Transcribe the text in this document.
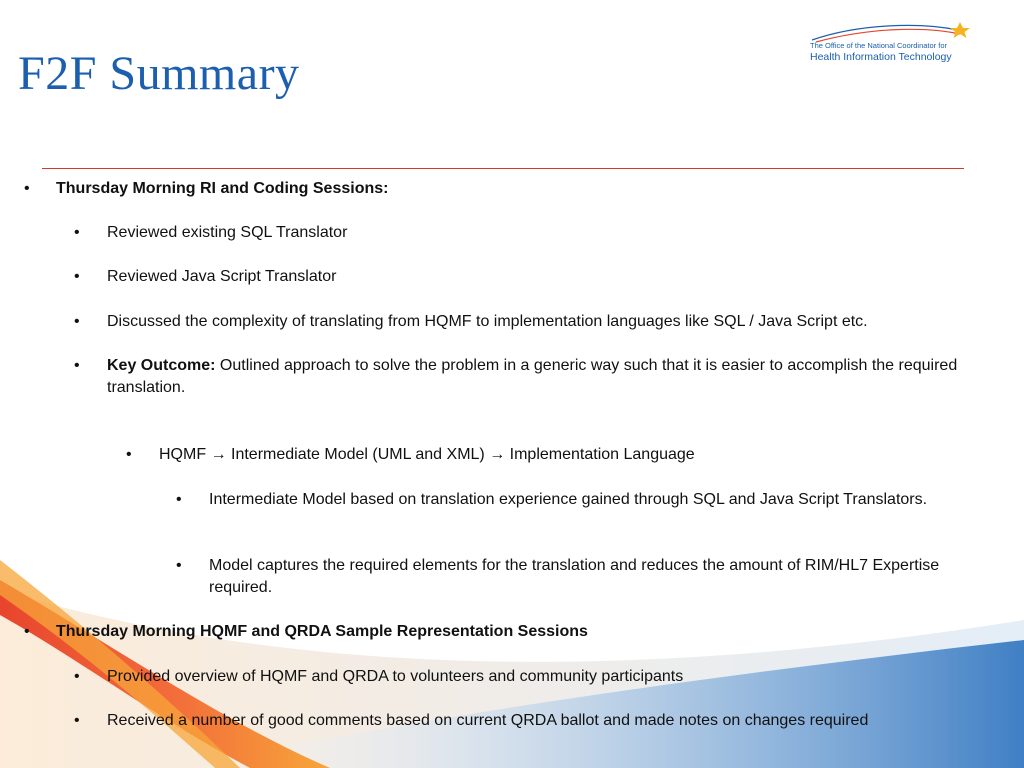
F2F Summary
The Office of the National Coordinator for
Health Information Technology
• Thursday Morning RI and Coding Sessions:
• Reviewed existing SQL Translator
• Reviewed Java Script Translator
• Discussed the complexity of translating from HQMF to implementation languages like SQL / Java Script etc.
• Key Outcome: Outlined approach to solve the problem in a generic way such that it is easier to accomplish the required translation.
• HQMF → Intermediate Model (UML and XML) → Implementation Language
• Intermediate Model based on translation experience gained through SQL and Java Script Translators.
• Model captures the required elements for the translation and reduces the amount of RIM/HL7 Expertise required.
• Thursday Morning HQMF and QRDA Sample Representation Sessions
• Provided overview of HQMF and QRDA to volunteers and community participants
• Received a number of good comments based on current QRDA ballot and made notes on changes required
